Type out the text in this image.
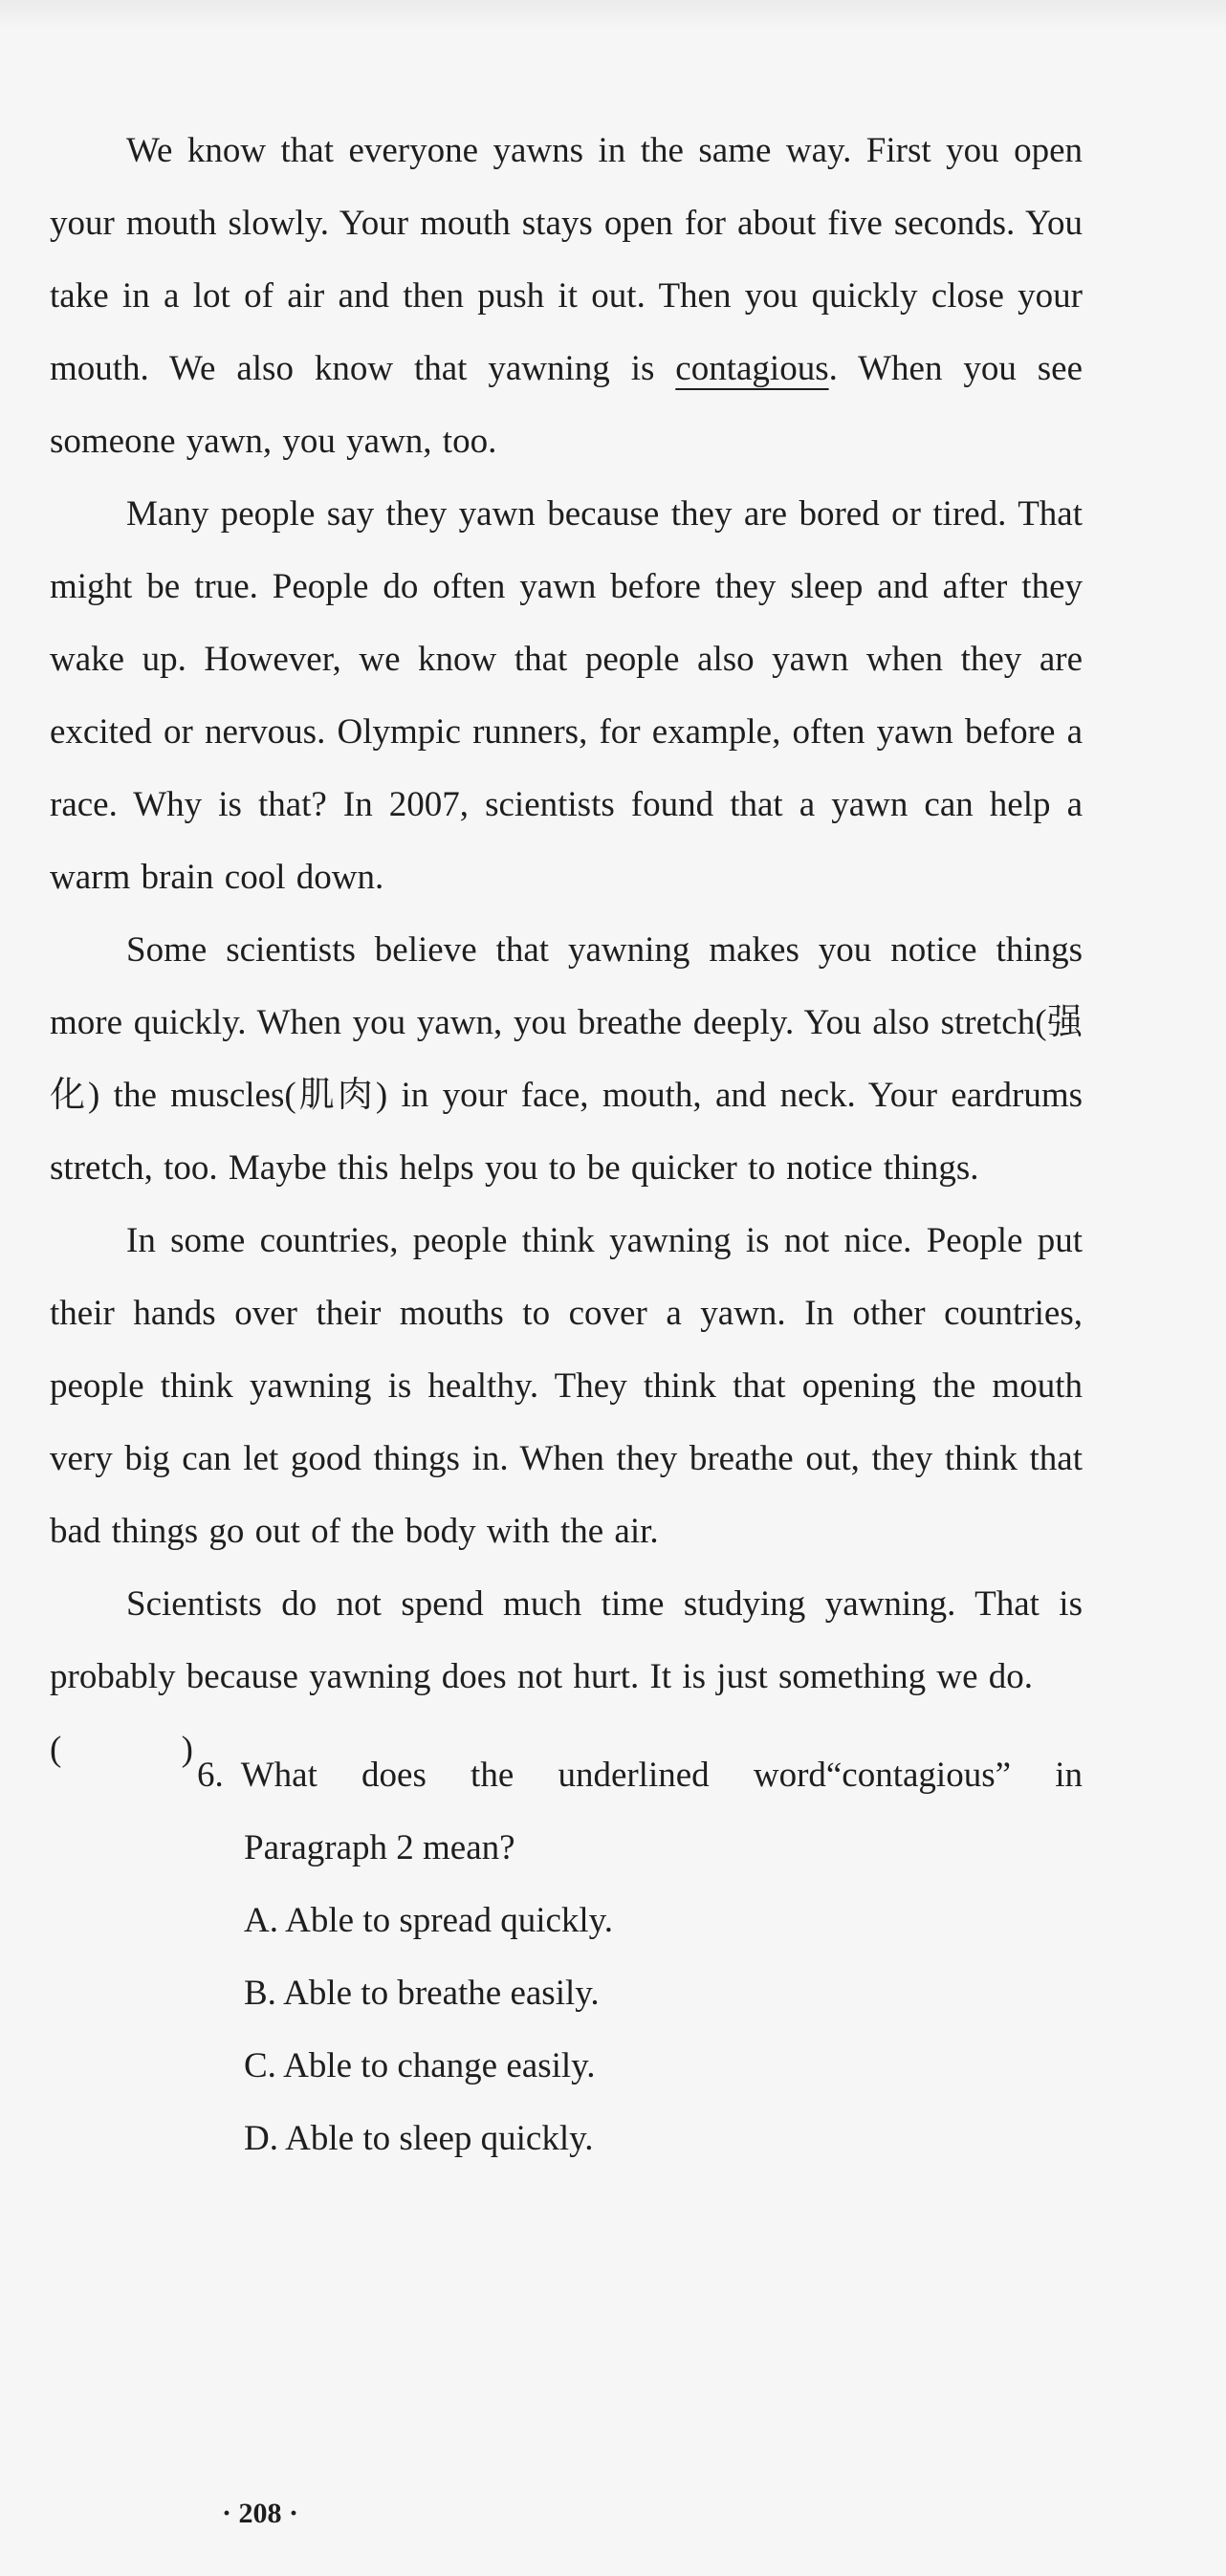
We know that everyone yawns in the same way. First you open your mouth slowly. Your mouth stays open for about five seconds. You take in a lot of air and then push it out. Then you quickly close your mouth. We also know that yawning is contagious. When you see someone yawn, you yawn, too.

Many people say they yawn because they are bored or tired. That might be true. People do often yawn before they sleep and after they wake up. However, we know that people also yawn when they are excited or nervous. Olympic runners, for example, often yawn before a race. Why is that? In 2007, scientists found that a yawn can help a warm brain cool down.

Some scientists believe that yawning makes you notice things more quickly. When you yawn, you breathe deeply. You also stretch(强化) the muscles(肌肉) in your face, mouth, and neck. Your eardrums stretch, too. Maybe this helps you to be quicker to notice things.

In some countries, people think yawning is not nice. People put their hands over their mouths to cover a yawn. In other countries, people think yawning is healthy. They think that opening the mouth very big can let good things in. When they breathe out, they think that bad things go out of the body with the air.

Scientists do not spend much time studying yawning. That is probably because yawning does not hurt. It is just something we do.

(	)
6. What does the underlined word“contagious” in
Paragraph 2 mean?
A. Able to spread quickly.
B. Able to breathe easily.
C. Able to change easily.
D. Able to sleep quickly.
· 208 ·
